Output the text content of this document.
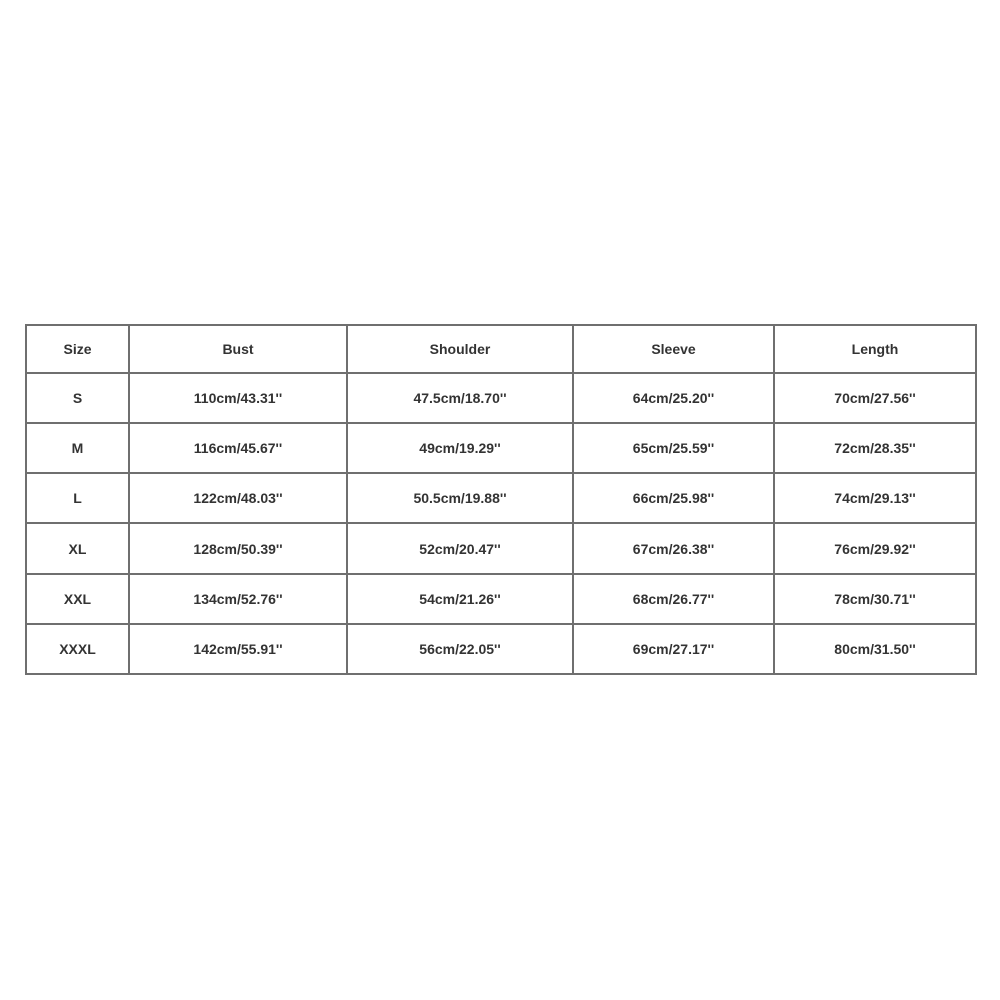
Size	Bust	Shoulder	Sleeve	Length
S	110cm/43.31''	47.5cm/18.70''	64cm/25.20''	70cm/27.56''
M	116cm/45.67''	49cm/19.29''	65cm/25.59''	72cm/28.35''
L	122cm/48.03''	50.5cm/19.88''	66cm/25.98''	74cm/29.13''
XL	128cm/50.39''	52cm/20.47''	67cm/26.38''	76cm/29.92''
XXL	134cm/52.76''	54cm/21.26''	68cm/26.77''	78cm/30.71''
XXXL	142cm/55.91''	56cm/22.05''	69cm/27.17''	80cm/31.50''
